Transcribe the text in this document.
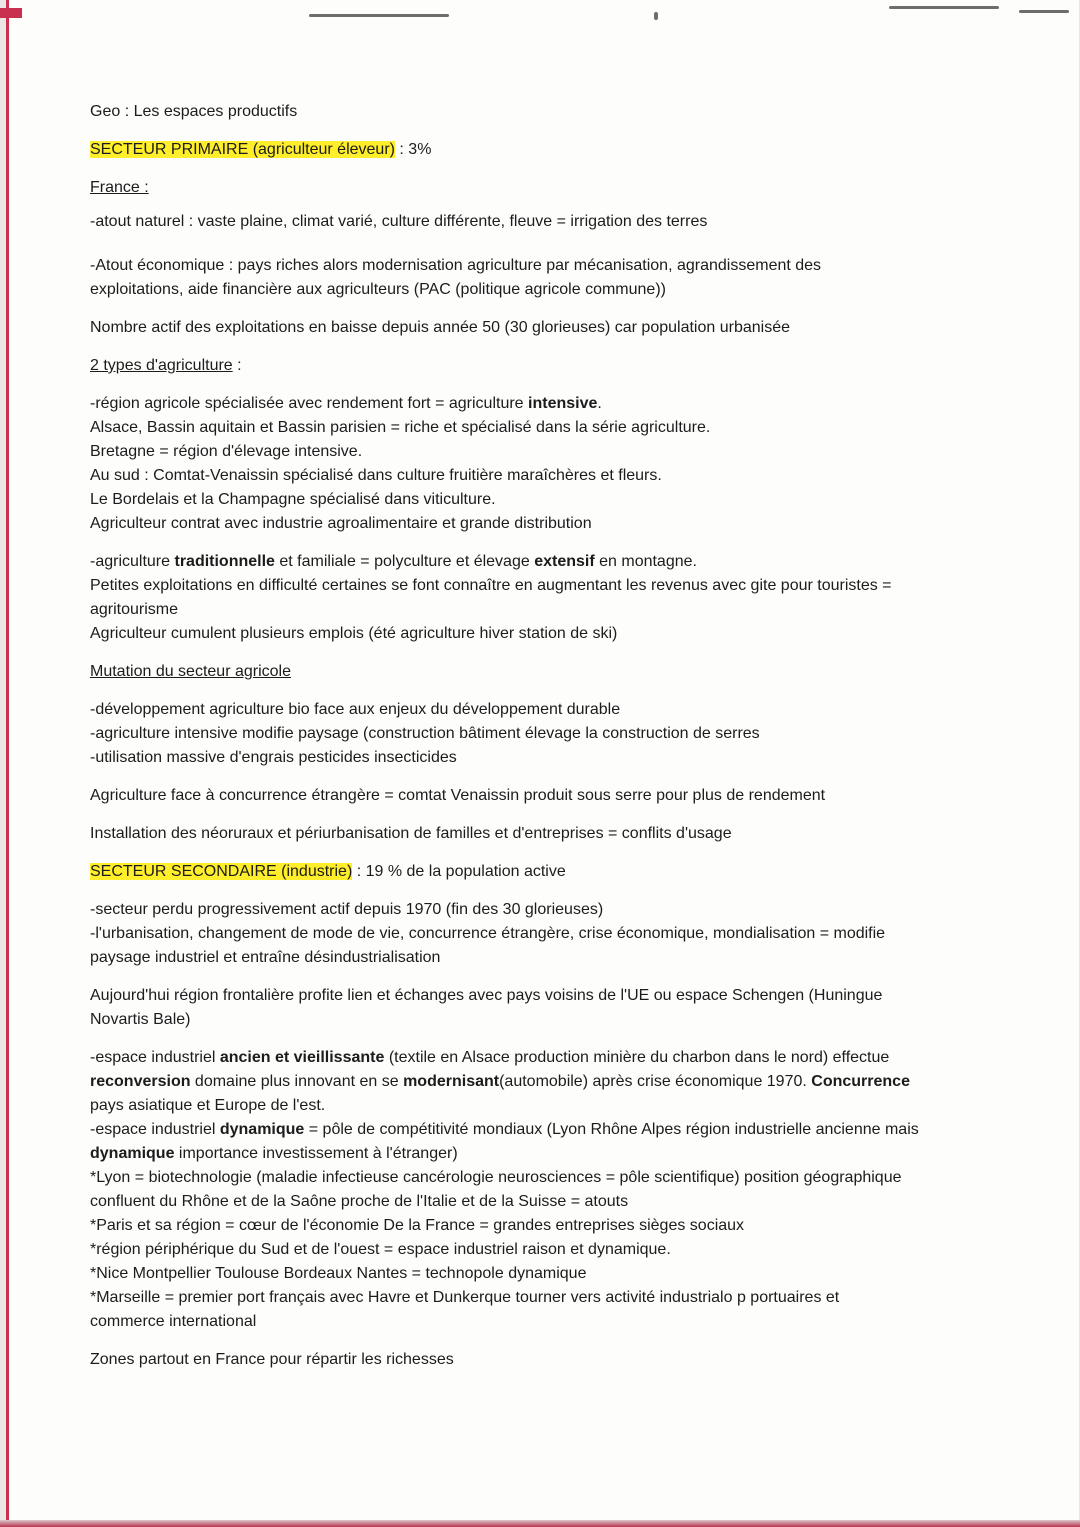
Geo : Les espaces productifs
SECTEUR PRIMAIRE (agriculteur éleveur) : 3%
France :
-atout naturel : vaste plaine, climat varié, culture différente, fleuve = irrigation des terres
-Atout économique : pays riches alors modernisation agriculture par mécanisation, agrandissement des
exploitations, aide financière aux agriculteurs (PAC (politique agricole commune))
Nombre actif des exploitations en baisse depuis année 50 (30 glorieuses) car population urbanisée
2 types d'agriculture :
-région agricole spécialisée avec rendement fort = agriculture intensive.
Alsace, Bassin aquitain et Bassin parisien = riche et spécialisé dans la série agriculture.
Bretagne = région d'élevage intensive.
Au sud : Comtat-Venaissin spécialisé dans culture fruitière maraîchères et fleurs.
Le Bordelais et la Champagne spécialisé dans viticulture.
Agriculteur contrat avec industrie agroalimentaire et grande distribution
-agriculture traditionnelle et familiale = polyculture et élevage extensif en montagne.
Petites exploitations en difficulté certaines se font connaître en augmentant les revenus avec gite pour touristes =
agritourisme
Agriculteur cumulent plusieurs emplois (été agriculture hiver station de ski)
Mutation du secteur agricole
-développement agriculture bio face aux enjeux du développement durable
-agriculture intensive modifie paysage (construction bâtiment élevage la construction de serres
-utilisation massive d'engrais pesticides insecticides
Agriculture face à concurrence étrangère = comtat Venaissin produit sous serre pour plus de rendement
Installation des néoruraux et périurbanisation de familles et d'entreprises = conflits d'usage
SECTEUR SECONDAIRE (industrie) : 19 % de la population active
-secteur perdu progressivement actif depuis 1970 (fin des 30 glorieuses)
-l'urbanisation, changement de mode de vie, concurrence étrangère, crise économique, mondialisation = modifie
paysage industriel et entraîne désindustrialisation
Aujourd'hui région frontalière profite lien et échanges avec pays voisins de l'UE ou espace Schengen (Huningue
Novartis Bale)
-espace industriel ancien et vieillissante (textile en Alsace production minière du charbon dans le nord) effectue
reconversion domaine plus innovant en se modernisant(automobile) après crise économique 1970. Concurrence
pays asiatique et Europe de l'est.
-espace industriel dynamique = pôle de compétitivité mondiaux (Lyon Rhône Alpes région industrielle ancienne mais
dynamique importance investissement à l'étranger)
*Lyon = biotechnologie (maladie infectieuse cancérologie neurosciences = pôle scientifique) position géographique
confluent du Rhône et de la Saône proche de l'Italie et de la Suisse = atouts
*Paris et sa région = cœur de l'économie De la France = grandes entreprises sièges sociaux
*région périphérique du Sud et de l'ouest = espace industriel raison et dynamique.
*Nice Montpellier Toulouse Bordeaux Nantes = technopole dynamique
*Marseille = premier port français avec Havre et Dunkerque tourner vers activité industrialo p portuaires et
commerce international
Zones partout en France pour répartir les richesses
